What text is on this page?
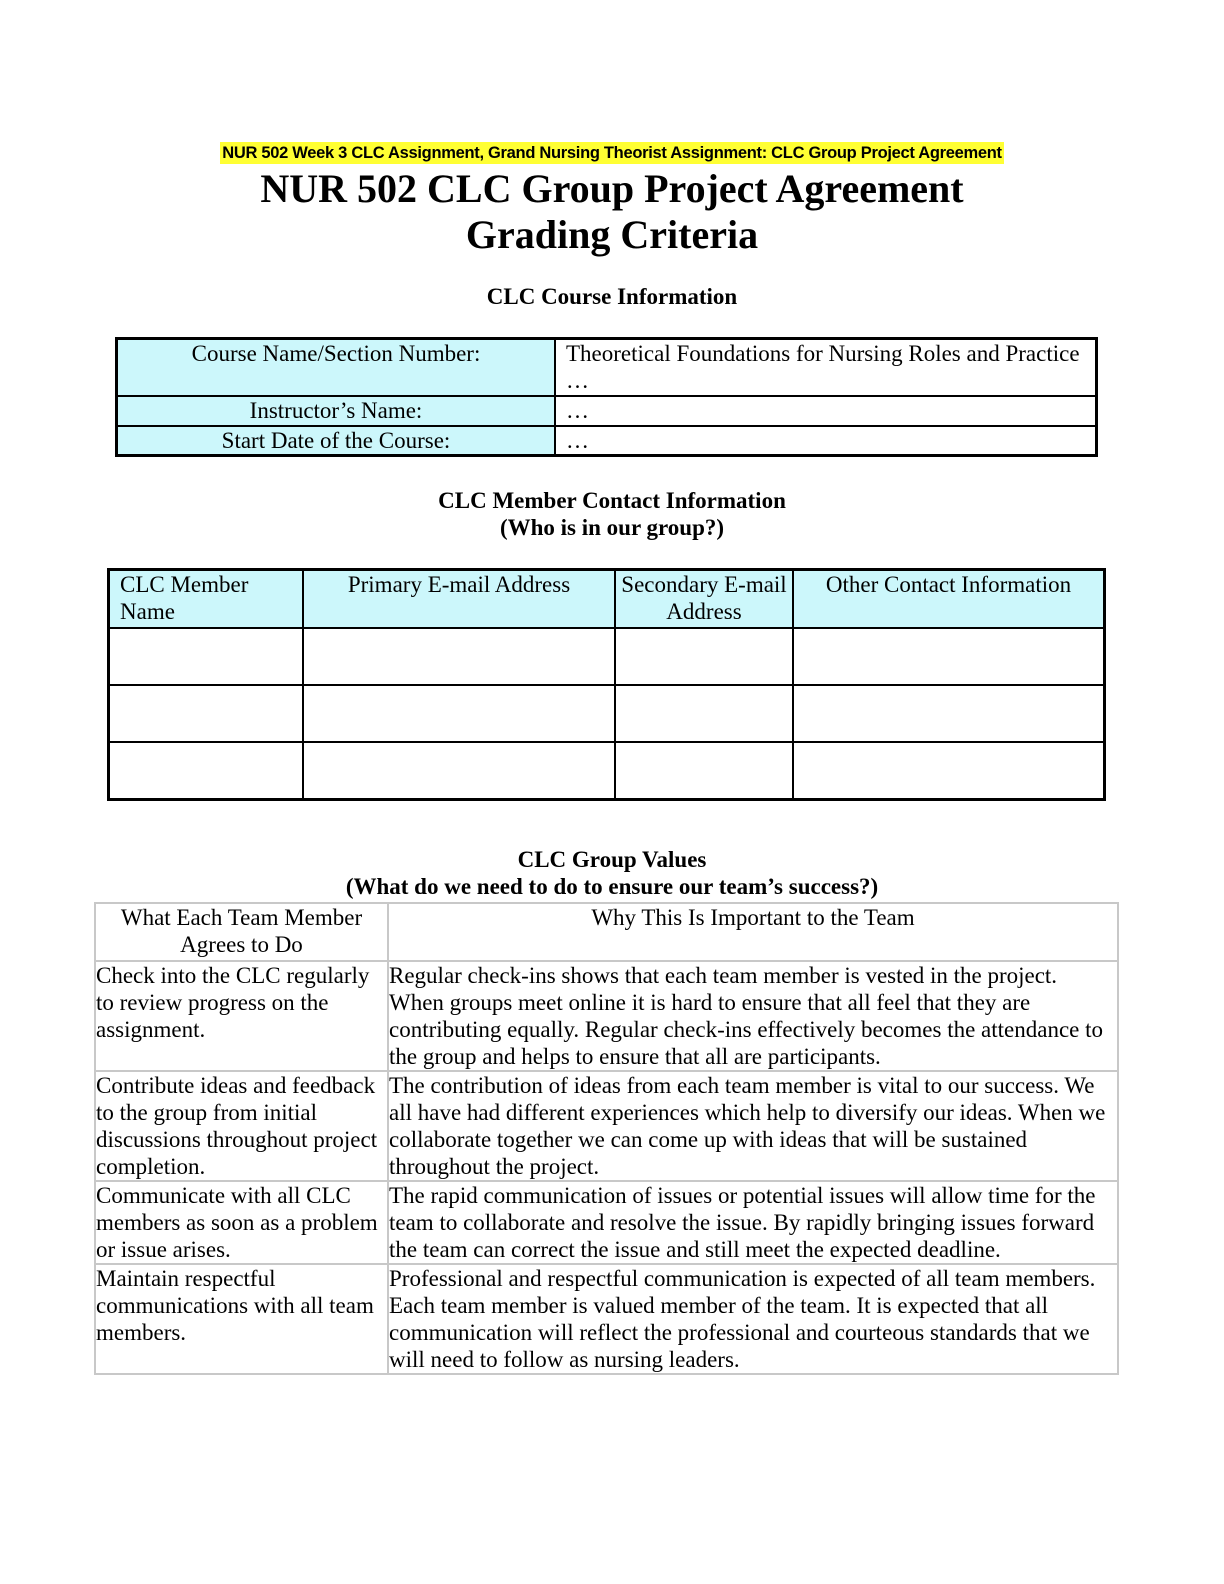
NUR 502 Week 3 CLC Assignment, Grand Nursing Theorist Assignment: CLC Group Project Agreement
NUR 502 CLC Group Project Agreement
Grading Criteria
CLC Course Information
Course Name/Section Number:	Theoretical Foundations for Nursing Roles and Practice …
Instructor’s Name:	…
Start Date of the Course:	…
CLC Member Contact Information
(Who is in our group?)
CLC Member Name	Primary E-mail Address	Secondary E-mail Address	Other Contact Information

CLC Group Values
(What do we need to do to ensure our team’s success?)
What Each Team Member Agrees to Do	Why This Is Important to the Team
Check into the CLC regularly to review progress on the assignment.	Regular check-ins shows that each team member is vested in the project. When groups meet online it is hard to ensure that all feel that they are contributing equally. Regular check-ins effectively becomes the attendance to the group and helps to ensure that all are participants.
Contribute ideas and feedback to the group from initial discussions throughout project completion.	The contribution of ideas from each team member is vital to our success. We all have had different experiences which help to diversify our ideas. When we collaborate together we can come up with ideas that will be sustained throughout the project.
Communicate with all CLC members as soon as a problem or issue arises.	The rapid communication of issues or potential issues will allow time for the team to collaborate and resolve the issue. By rapidly bringing issues forward the team can correct the issue and still meet the expected deadline.
Maintain respectful communications with all team members.	Professional and respectful communication is expected of all team members. Each team member is valued member of the team. It is expected that all communication will reflect the professional and courteous standards that we will need to follow as nursing leaders.
